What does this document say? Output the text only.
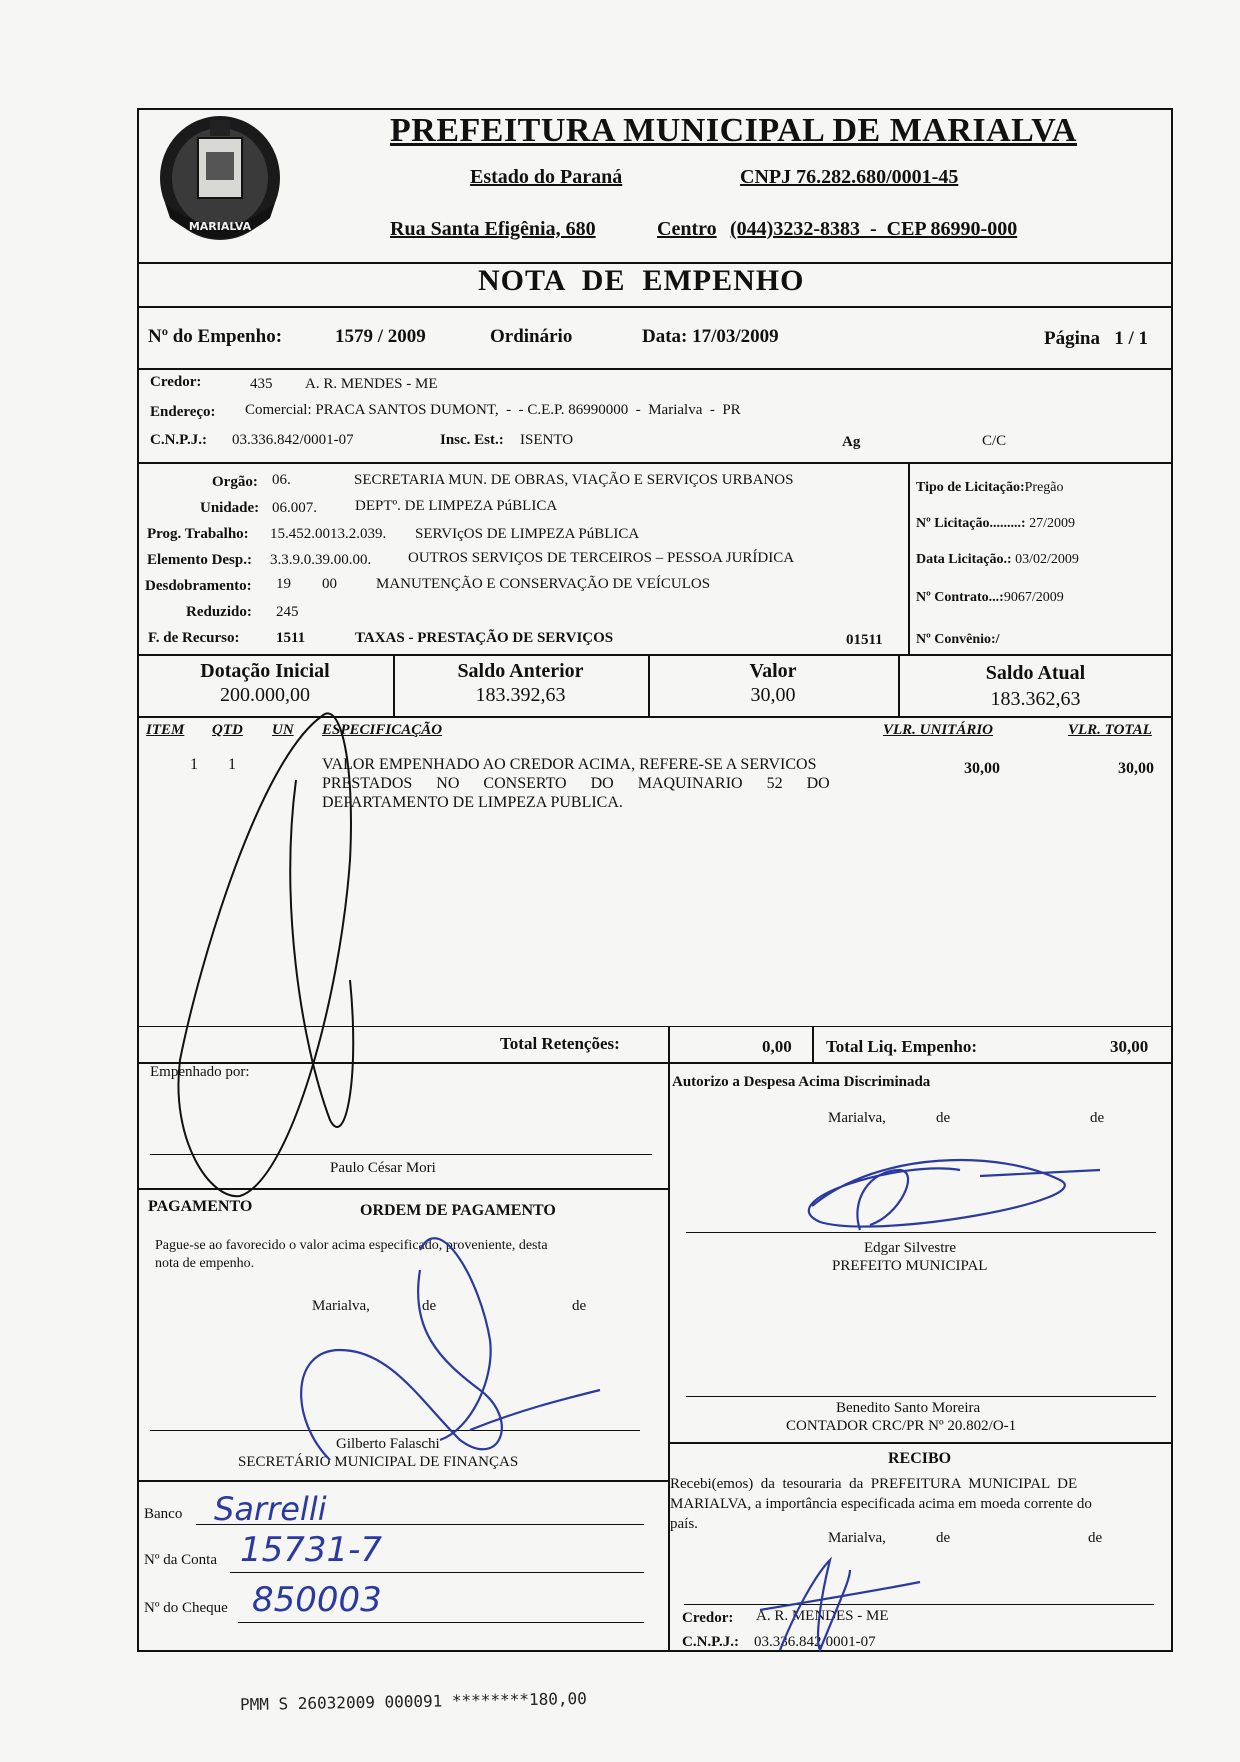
MARIALVA
PREFEITURA MUNICIPAL DE MARIALVA
Estado do Paraná	CNPJ 76.282.680/0001-45
Rua Santa Efigênia, 680	Centro (044)3232-8383  -  CEP 86990-000
NOTA  DE  EMPENHO
Nº do Empenho:	1579 / 2009	Ordinário	Data: 17/03/2009	Página   1 / 1
Credor:	435 A. R. MENDES - ME
Endereço: Comercial: PRACA SANTOS DUMONT,  -  - C.E.P. 86990000  -  Marialva  -  PR
C.N.P.J.: 03.336.842/0001-07	Insc. Est.: ISENTO	Ag	C/C
Orgão: 06.	SECRETARIA MUN. DE OBRAS, VIAÇÃO E SERVIÇOS URBANOS
Unidade: 06.007.	DEPTº. DE LIMPEZA PúBLICA
Prog. Trabalho: 15.452.0013.2.039. SERVIçOS DE LIMPEZA PúBLICA
Elemento Desp.: 3.3.9.0.39.00.00. OUTROS SERVIÇOS DE TERCEIROS – PESSOA JURÍDICA
Desdobramento: 19 00	MANUTENÇÃO E CONSERVAÇÃO DE VEÍCULOS
Reduzido: 245
F. de Recurso: 1511	TAXAS - PRESTAÇÃO DE SERVIÇOS	01511
Tipo de Licitação:Pregão
Nº Licitação.........: 27/2009
Data Licitação.: 03/02/2009
Nº Contrato...:9067/2009
Nº Convênio:/
Dotação Inicial
200.000,00
Saldo Anterior
183.392,63
Valor
30,00
Saldo Atual
183.362,63
ITEM QTD UN ESPECIFICAÇÃO	VLR. UNITÁRIO	VLR. TOTAL
1 1	VALOR EMPENHADO AO CREDOR ACIMA, REFERE-SE A SERVICOS
PRESTADOS      NO      CONSERTO      DO      MAQUINARIO      52      DO
DEPARTAMENTO DE LIMPEZA PUBLICA.
30,00	30,00
Total Retenções:	0,00 Total Liq. Empenho:	30,00
Empenhado por:
Paulo César Mori
Autorizo a Despesa Acima Discriminada
Marialva,	de	de
Edgar Silvestre
PREFEITO MUNICIPAL
PAGAMENTO	ORDEM DE PAGAMENTO
Pague-se ao favorecido o valor acima especificado, proveniente, desta
nota de empenho.
Marialva,	de	de
Gilberto Falaschi
SECRETÁRIO MUNICIPAL DE FINANÇAS
Benedito Santo Moreira
CONTADOR CRC/PR Nº 20.802/O-1
RECIBO
Recebi(emos)  da  tesouraria  da  PREFEITURA  MUNICIPAL  DE
MARIALVA, a importância especificada acima em moeda corrente do
país.
Marialva,	de	de
Credor: A. R. MENDES - ME
C.N.P.J.: 03.336.842/0001-07
Banco Sarrelli
Nº da Conta 15731-7
Nº do Cheque 850003
PMM S 26032009 000091 ********180,00
